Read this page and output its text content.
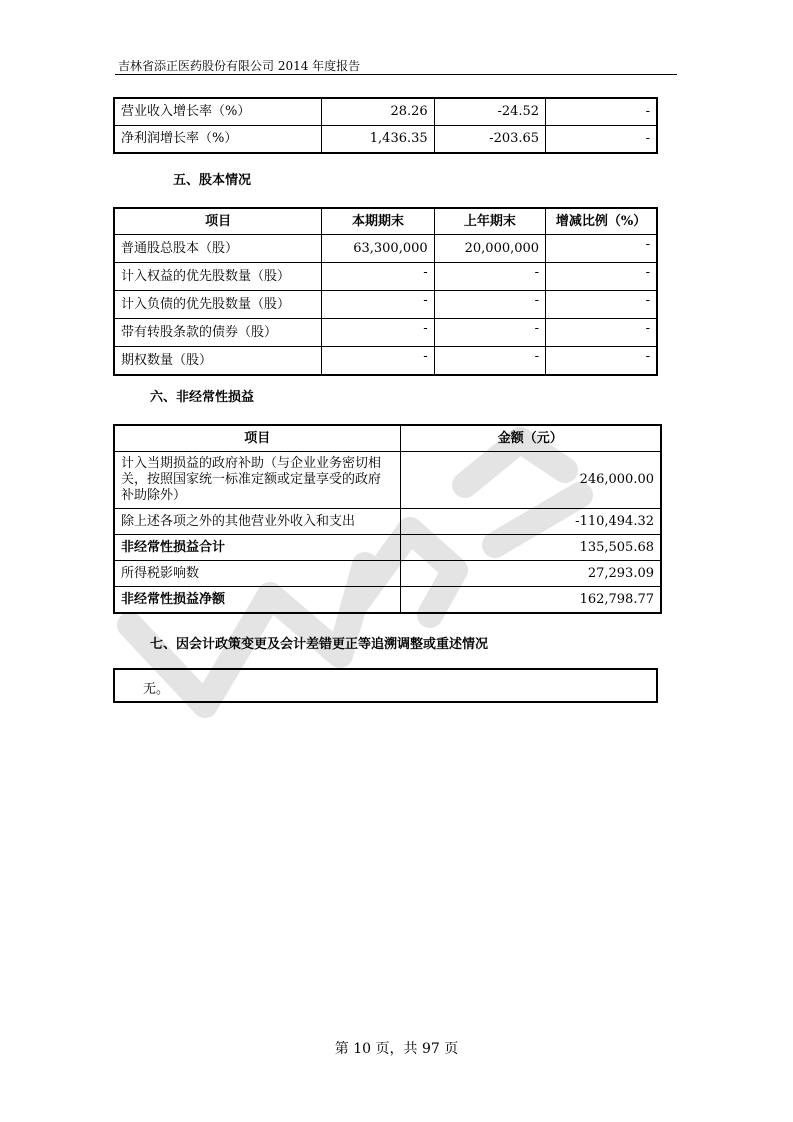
吉林省添正医药股份有限公司 2014 年度报告
营业收入增长率（%）	28.26	-24.52	-
净利润增长率（%）	1,436.35	-203.65	-
五、股本情况
项目	本期期末	上年期末	增减比例（%）
普通股总股本（股）	63,300,000	20,000,000	-
计入权益的优先股数量（股）	-	-	-
计入负债的优先股数量（股）	-	-	-
带有转股条款的债券（股）	-	-	-
期权数量（股）	-	-	-
六、非经常性损益
项目	金额（元）
计入当期损益的政府补助（与企业业务密切相关，按照国家统一标准定额或定量享受的政府补助除外）	246,000.00
除上述各项之外的其他营业外收入和支出	-110,494.32
非经常性损益合计	135,505.68
所得税影响数	27,293.09
非经常性损益净额	162,798.77
七、因会计政策变更及会计差错更正等追溯调整或重述情况
无。
第 10 页，共 97 页
